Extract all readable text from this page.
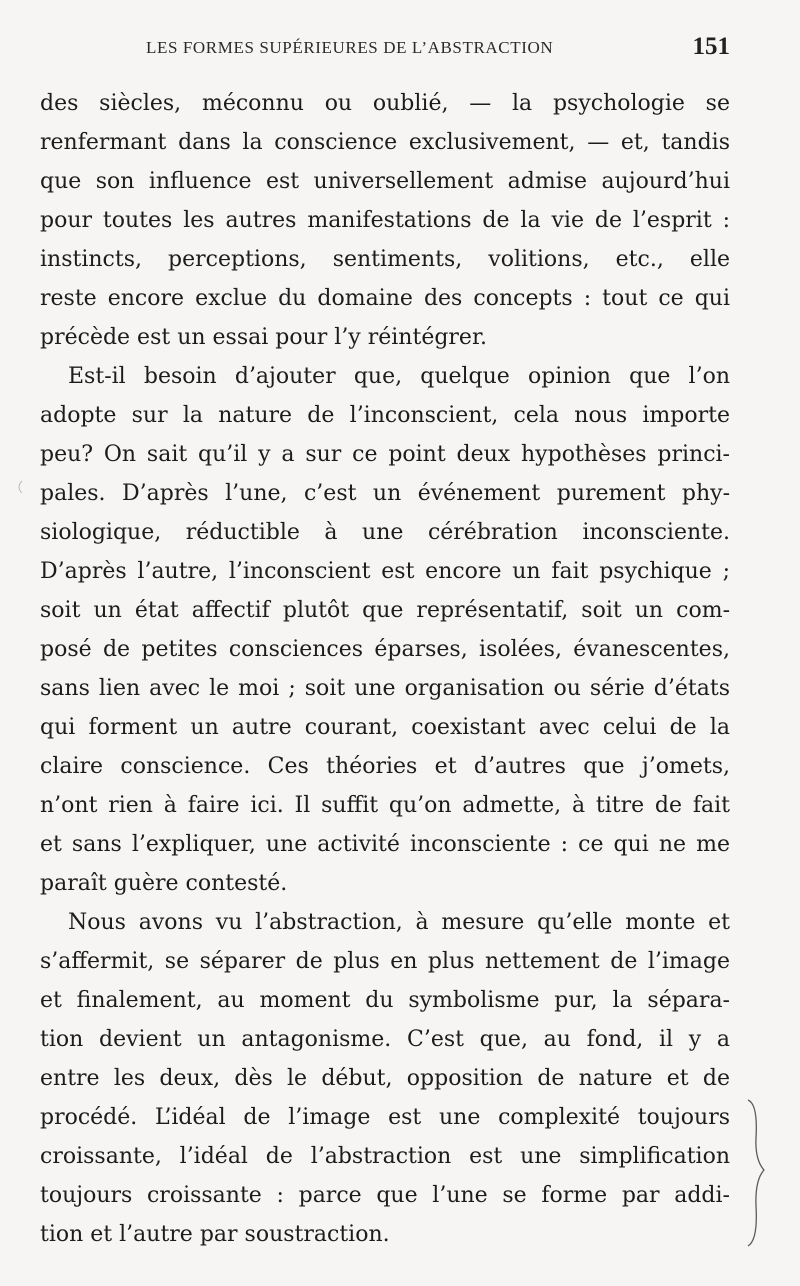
LES FORMES SUPÉRIEURES DE L’ABSTRACTION	151
des siècles, méconnu ou oublié, — la psychologie se
renfermant dans la conscience exclusivement, — et, tandis
que son influence est universellement admise aujourd’hui
pour toutes les autres manifestations de la vie de l’esprit :
instincts, perceptions, sentiments, volitions, etc., elle
reste encore exclue du domaine des concepts : tout ce qui
précède est un essai pour l’y réintégrer.
Est-il besoin d’ajouter que, quelque opinion que l’on
adopte sur la nature de l’inconscient, cela nous importe
peu? On sait qu’il y a sur ce point deux hypothèses princi-
pales. D’après l’une, c’est un événement purement phy-
siologique, réductible à une cérébration inconsciente.
D’après l’autre, l’inconscient est encore un fait psychique ;
soit un état affectif plutôt que représentatif, soit un com-
posé de petites consciences éparses, isolées, évanescentes,
sans lien avec le moi ; soit une organisation ou série d’états
qui forment un autre courant, coexistant avec celui de la
claire conscience. Ces théories et d’autres que j’omets,
n’ont rien à faire ici. Il suffit qu’on admette, à titre de fait
et sans l’expliquer, une activité inconsciente : ce qui ne me
paraît guère contesté.
Nous avons vu l’abstraction, à mesure qu’elle monte et
s’affermit, se séparer de plus en plus nettement de l’image
et finalement, au moment du symbolisme pur, la sépara-
tion devient un antagonisme. C’est que, au fond, il y a
entre les deux, dès le début, opposition de nature et de
procédé. L’idéal de l’image est une complexité toujours
croissante, l’idéal de l’abstraction est une simplification
toujours croissante : parce que l’une se forme par addi-
tion et l’autre par soustraction.
